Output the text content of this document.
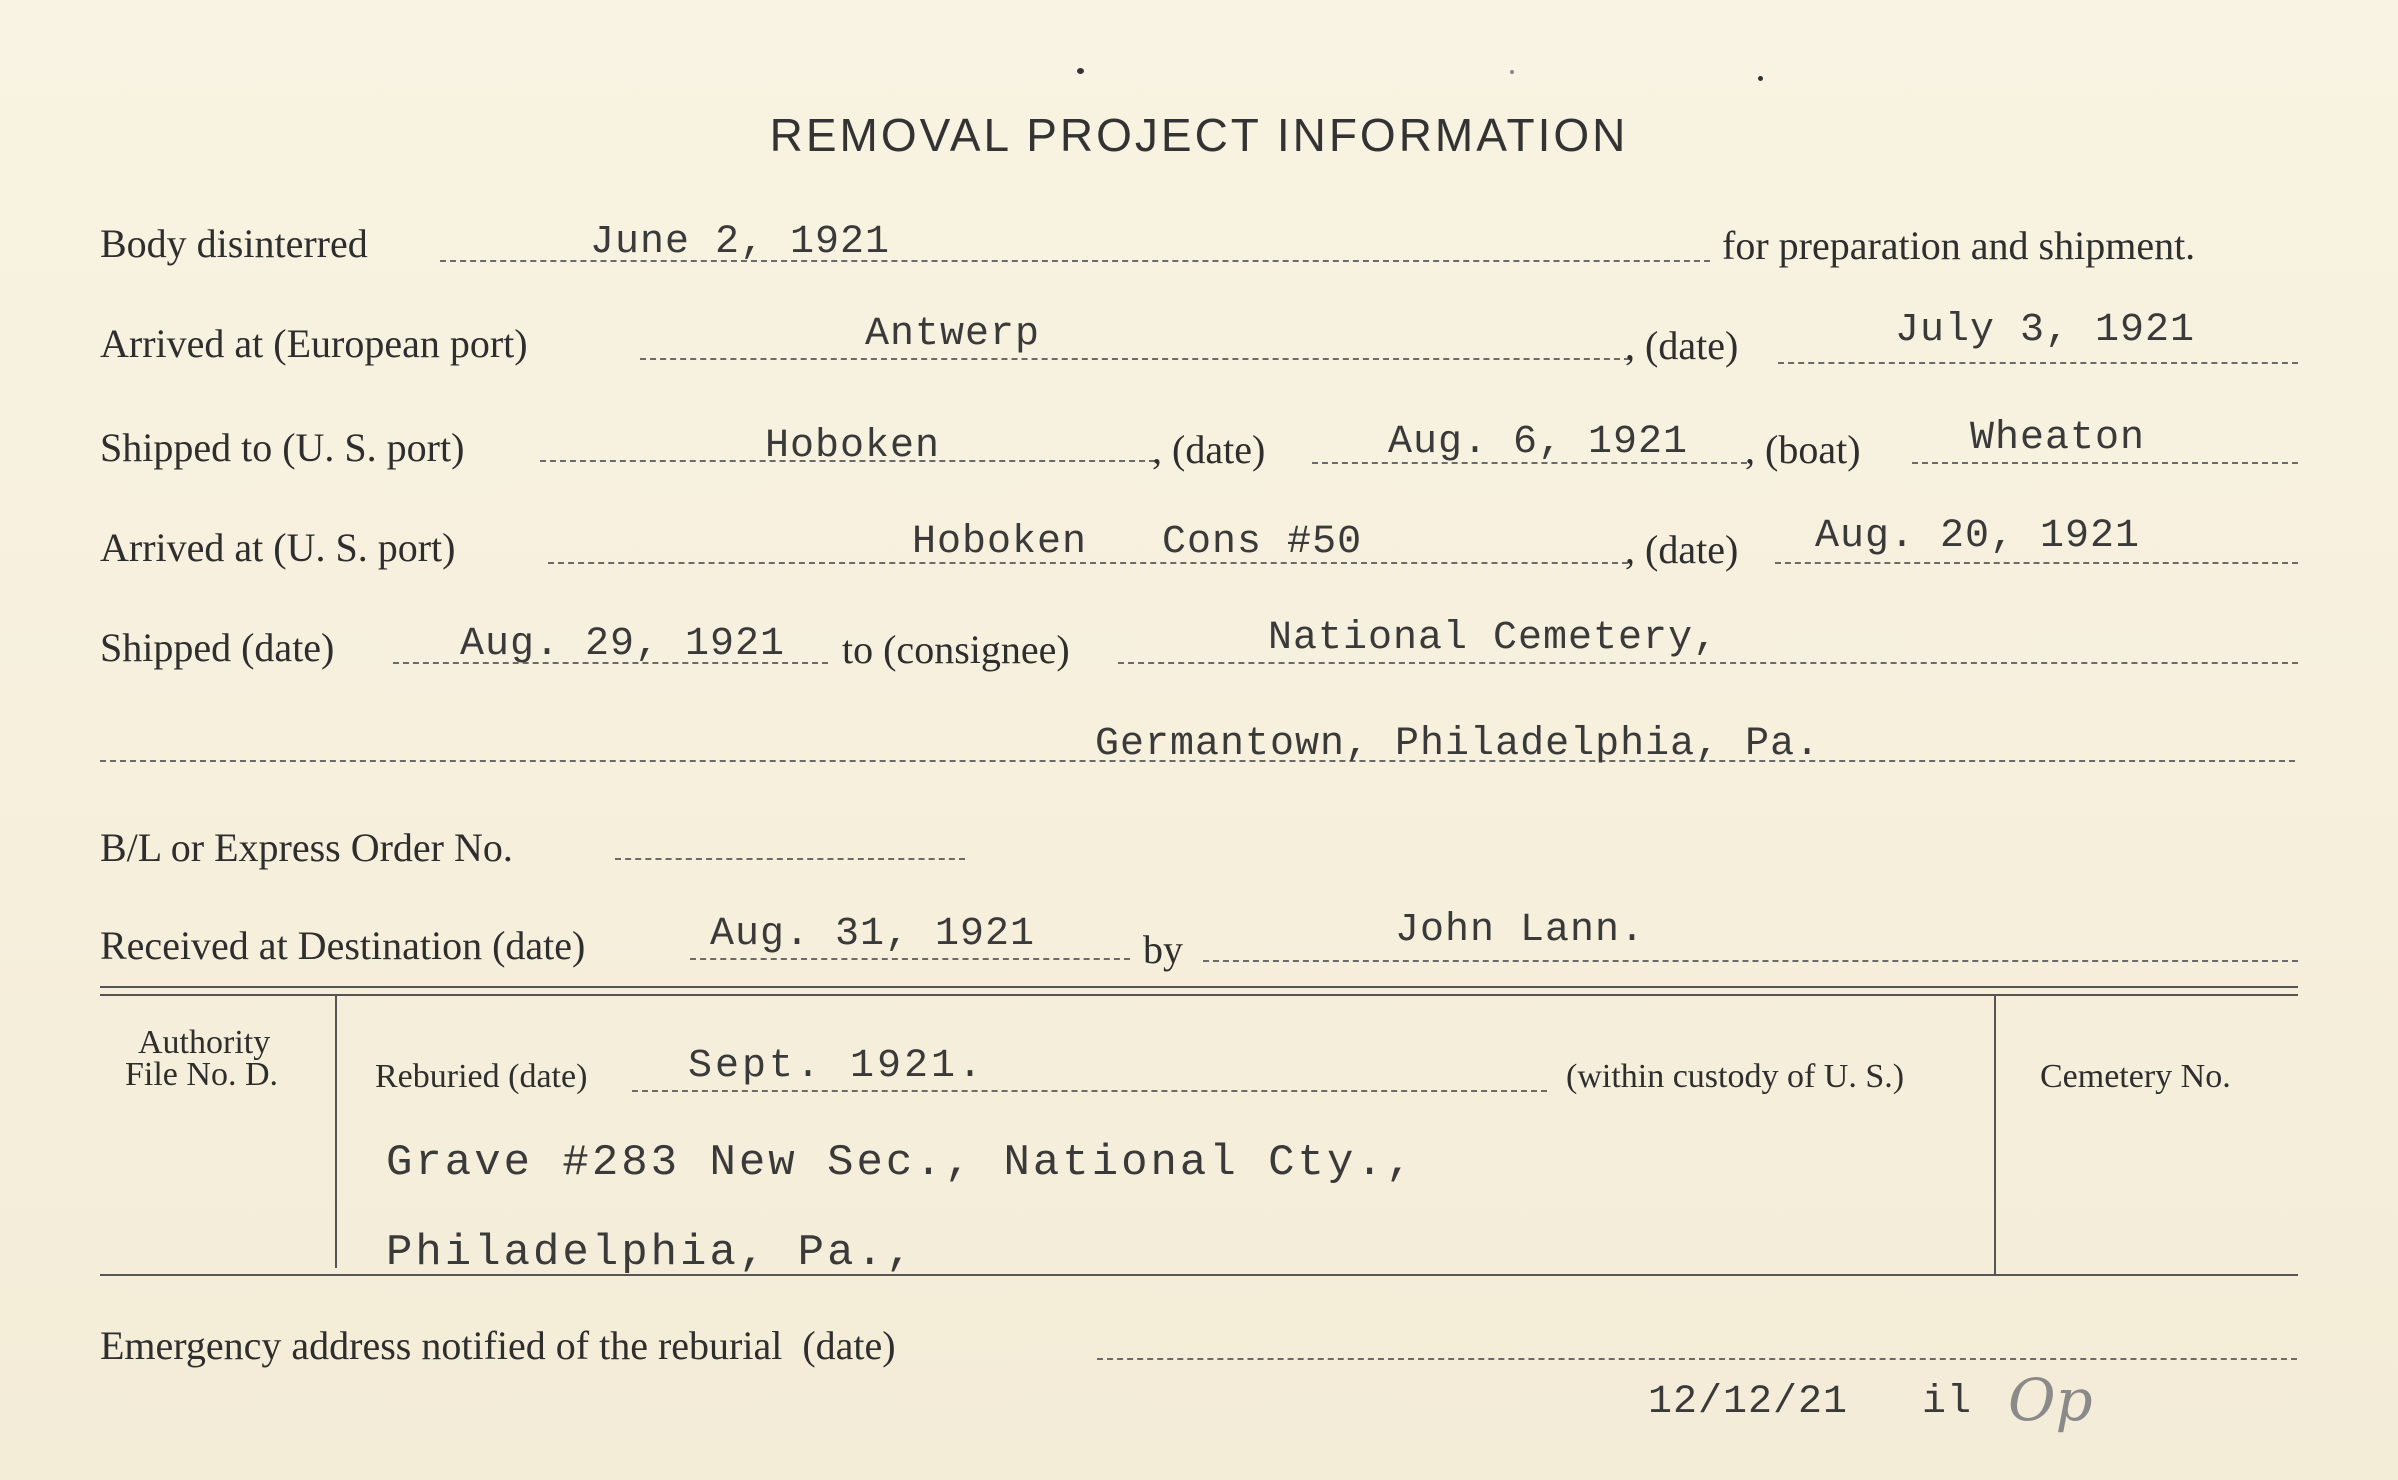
REMOVAL PROJECT INFORMATION
Body disinterred	June 2, 1921	for preparation and shipment.
Arrived at (European port)	Antwerp	, (date)	July 3, 1921
Shipped to (U. S. port)	Hoboken	, (date)	Aug. 6, 1921 , (boat)	Wheaton
Arrived at (U. S. port)	Hoboken   Cons #50	, (date) Aug. 20, 1921
Shipped (date)	Aug. 29, 1921 to (consignee)	National Cemetery,
Germantown, Philadelphia, Pa.
B/L or Express Order No.
Received at Destination (date)	Aug. 31, 1921	by	John Lann.
Authority
File No. D.	Reburied (date)	Sept. 1921.	(within custody of U. S.)	Cemetery No.
Grave #283 New Sec., National Cty.,
Philadelphia, Pa.,
Emergency address notified of the reburial  (date)
12/12/21 il Op
